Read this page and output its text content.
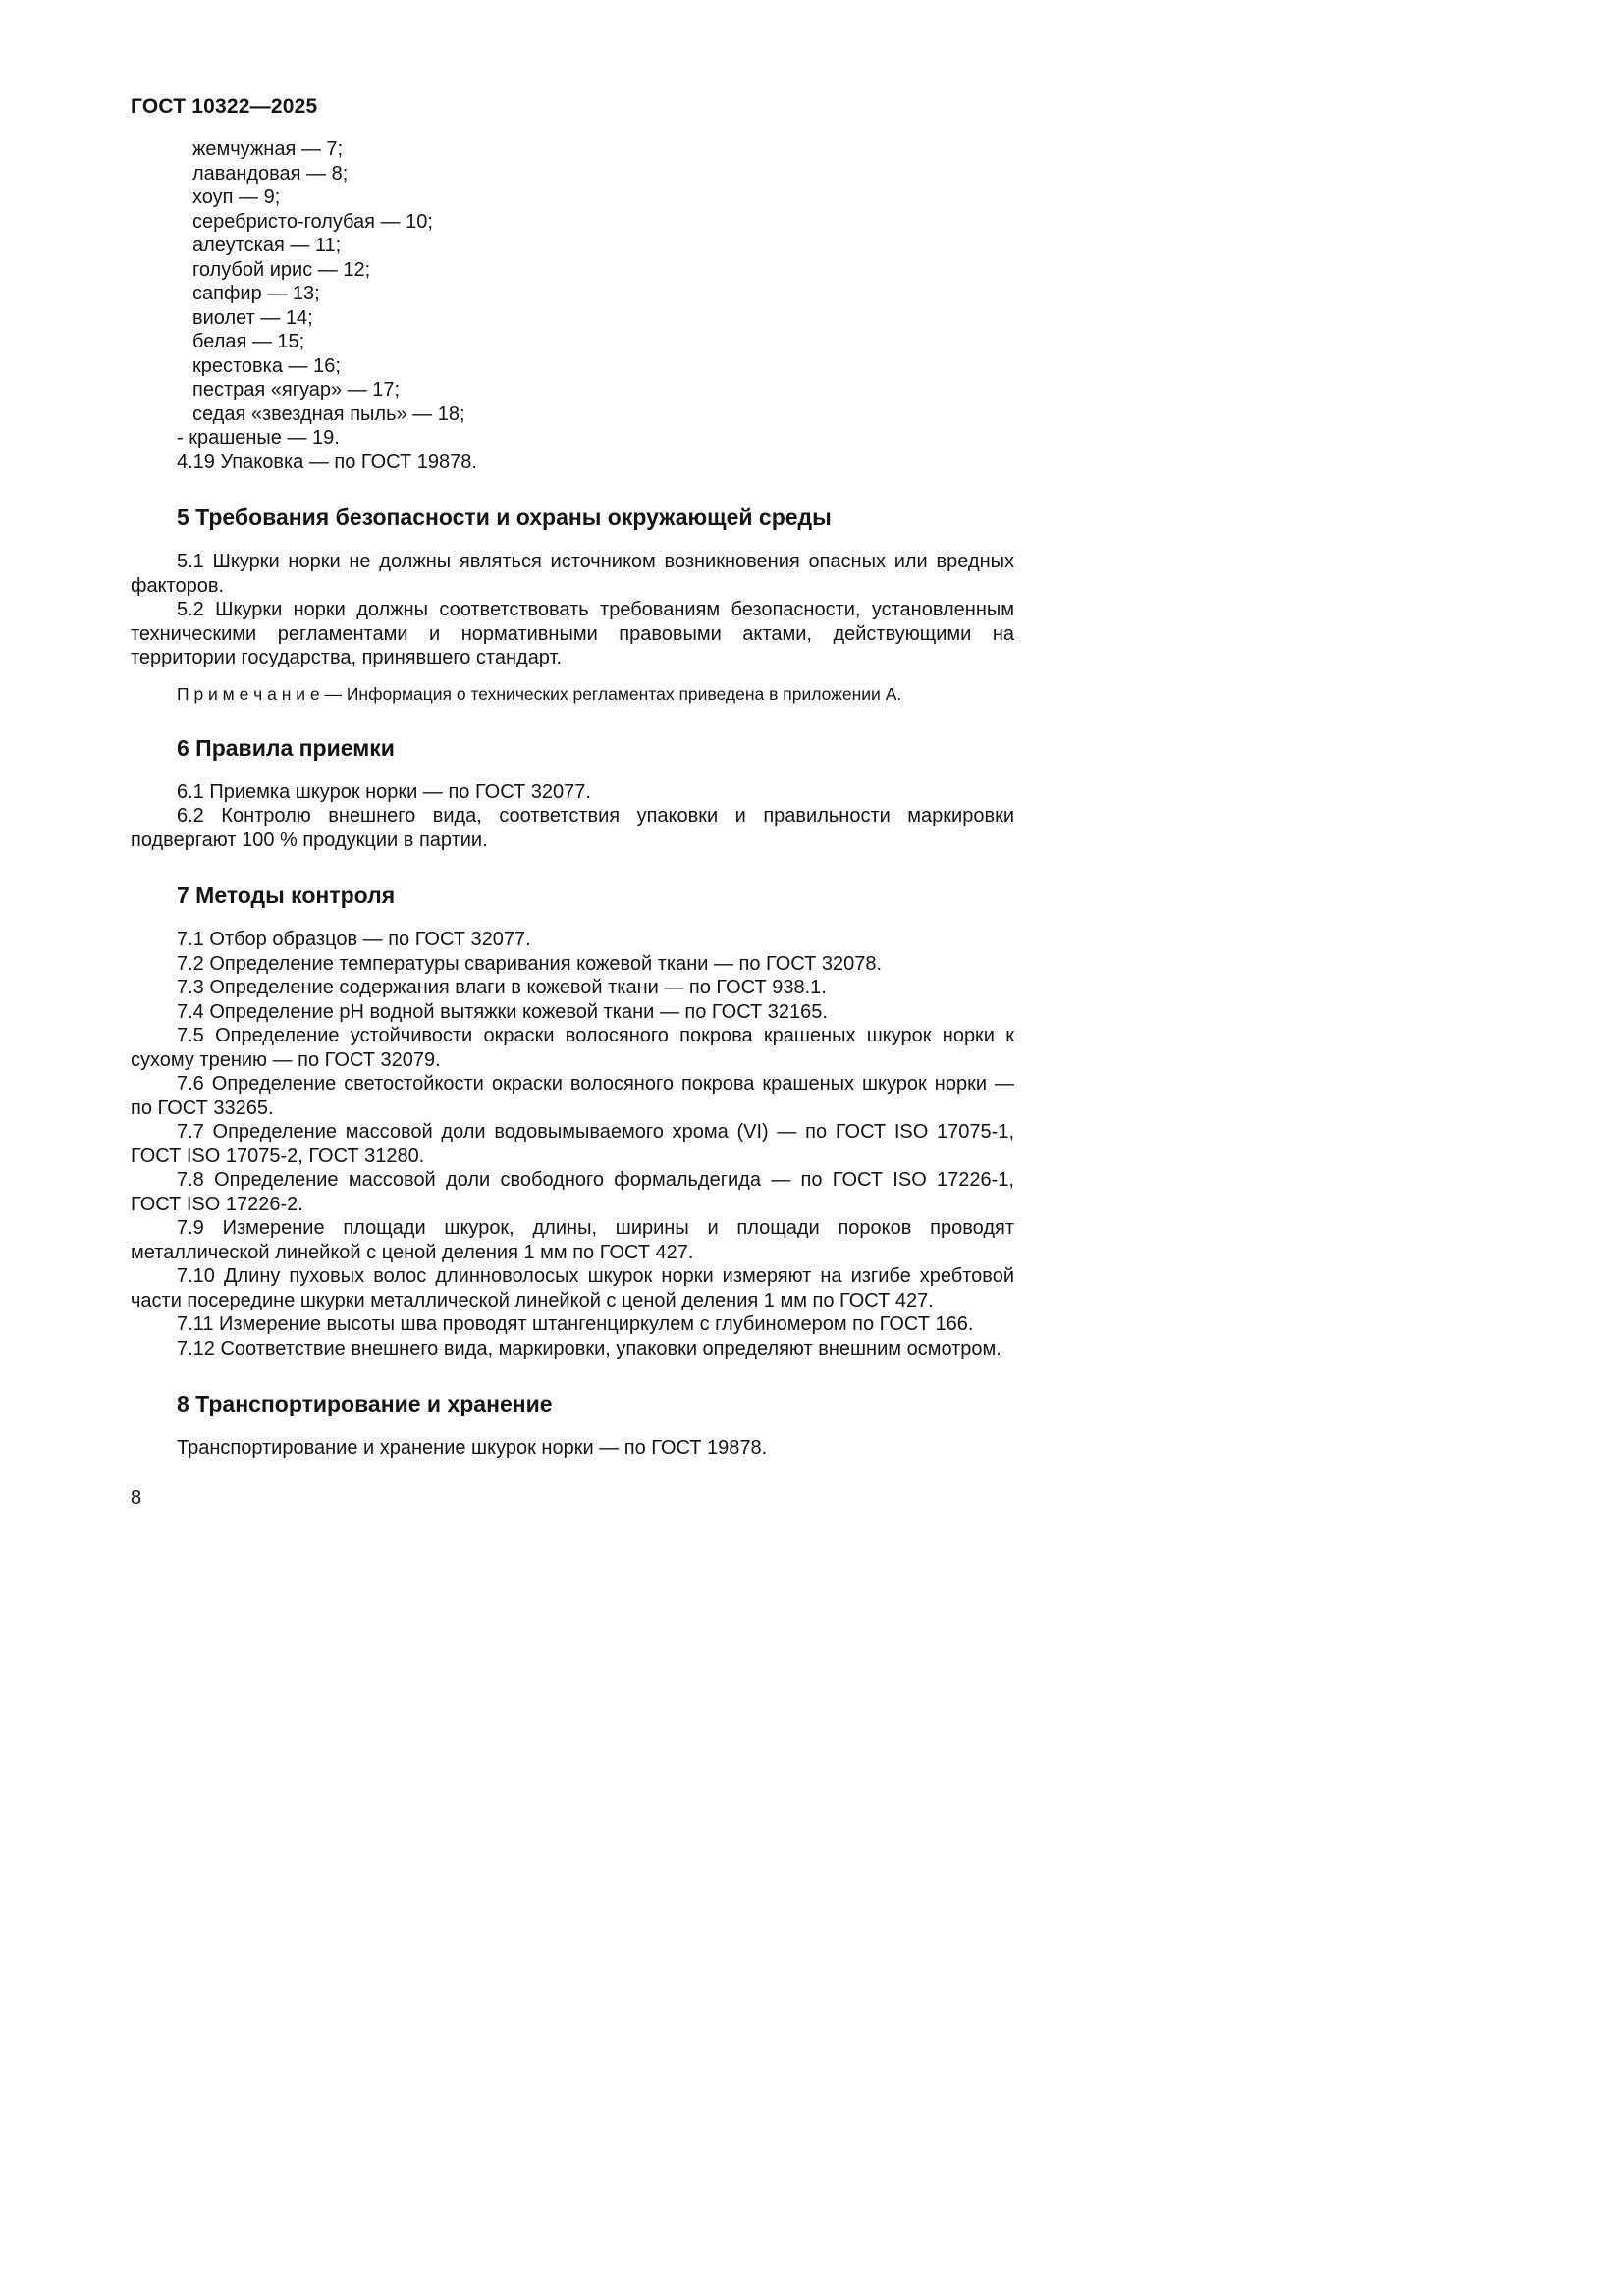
ГОСТ 10322—2025
жемчужная — 7;
лавандовая — 8;
хоуп — 9;
серебристо-голубая — 10;
алеутская — 11;
голубой ирис — 12;
сапфир — 13;
виолет — 14;
белая — 15;
крестовка — 16;
пестрая «ягуар» — 17;
седая «звездная пыль» — 18;
- крашеные — 19.

4.19 Упаковка — по ГОСТ 19878.

5 Требования безопасности и охраны окружающей среды

5.1 Шкурки норки не должны являться источником возникновения опасных или вредных факторов.

5.2 Шкурки норки должны соответствовать требованиям безопасности, установленным техническими регламентами и нормативными правовыми актами, действующими на территории государства, принявшего стандарт.

П р и м е ч а н и е — Информация о технических регламентах приведена в приложении А.

6 Правила приемки

6.1 Приемка шкурок норки — по ГОСТ 32077.

6.2 Контролю внешнего вида, соответствия упаковки и правильности маркировки подвергают 100 % продукции в партии.

7 Методы контроля

7.1 Отбор образцов — по ГОСТ 32077.

7.2 Определение температуры сваривания кожевой ткани — по ГОСТ 32078.

7.3 Определение содержания влаги в кожевой ткани — по ГОСТ 938.1.

7.4 Определение pH водной вытяжки кожевой ткани — по ГОСТ 32165.

7.5 Определение устойчивости окраски волосяного покрова крашеных шкурок норки к сухому трению — по ГОСТ 32079.

7.6 Определение светостойкости окраски волосяного покрова крашеных шкурок норки — по ГОСТ 33265.

7.7 Определение массовой доли водовымываемого хрома (VI) — по ГОСТ ISO 17075-1, ГОСТ ISO 17075-2, ГОСТ 31280.

7.8 Определение массовой доли свободного формальдегида — по ГОСТ ISO 17226-1, ГОСТ ISO 17226-2.

7.9 Измерение площади шкурок, длины, ширины и площади пороков проводят металлической линейкой с ценой деления 1 мм по ГОСТ 427.

7.10 Длину пуховых волос длинноволосых шкурок норки измеряют на изгибе хребтовой части посередине шкурки металлической линейкой с ценой деления 1 мм по ГОСТ 427.

7.11 Измерение высоты шва проводят штангенциркулем с глубиномером по ГОСТ 166.

7.12 Соответствие внешнего вида, маркировки, упаковки определяют внешним осмотром.

8 Транспортирование и хранение

Транспортирование и хранение шкурок норки — по ГОСТ 19878.

8
